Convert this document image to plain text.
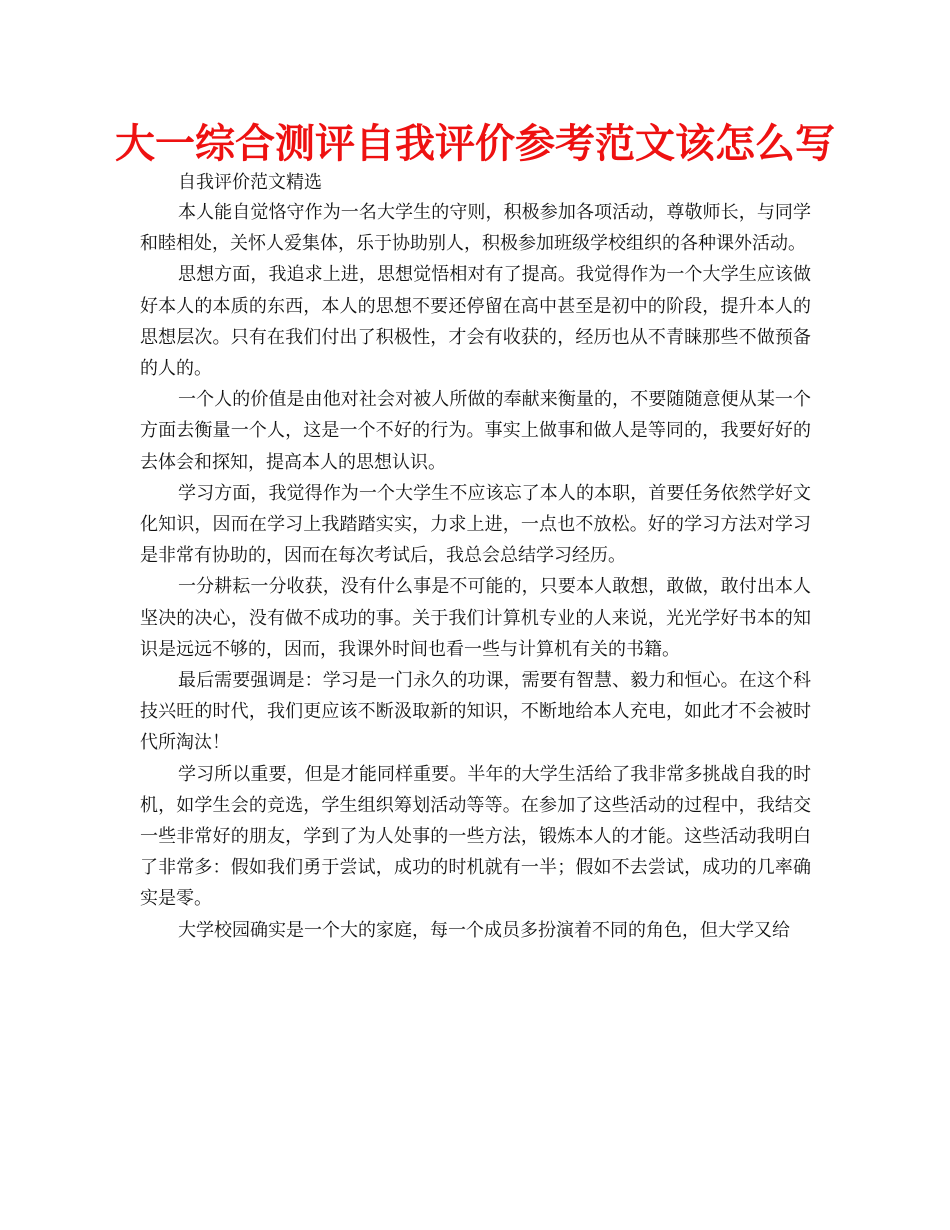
大一综合测评自我评价参考范文该怎么写
自我评价范文精选

本人能自觉恪守作为一名大学生的守则，积极参加各项活动，尊敬师长，与同学和睦相处，关怀人爱集体，乐于协助别人，积极参加班级学校组织的各种课外活动。

思想方面，我追求上进，思想觉悟相对有了提高。我觉得作为一个大学生应该做好本人的本质的东西，本人的思想不要还停留在高中甚至是初中的阶段，提升本人的思想层次。只有在我们付出了积极性，才会有收获的，经历也从不青睐那些不做预备的人的。

一个人的价值是由他对社会对被人所做的奉献来衡量的，不要随随意便从某一个方面去衡量一个人，这是一个不好的行为。事实上做事和做人是等同的，我要好好的去体会和探知，提高本人的思想认识。

学习方面，我觉得作为一个大学生不应该忘了本人的本职，首要任务依然学好文化知识，因而在学习上我踏踏实实，力求上进，一点也不放松。好的学习方法对学习是非常有协助的，因而在每次考试后，我总会总结学习经历。

一分耕耘一分收获，没有什么事是不可能的，只要本人敢想，敢做，敢付出本人坚决的决心，没有做不成功的事。关于我们计算机专业的人来说，光光学好书本的知识是远远不够的，因而，我课外时间也看一些与计算机有关的书籍。

最后需要强调是：学习是一门永久的功课，需要有智慧、毅力和恒心。在这个科技兴旺的时代，我们更应该不断汲取新的知识，不断地给本人充电，如此才不会被时代所淘汰！

学习所以重要，但是才能同样重要。半年的大学生活给了我非常多挑战自我的时机，如学生会的竞选，学生组织筹划活动等等。在参加了这些活动的过程中，我结交一些非常好的朋友，学到了为人处事的一些方法，锻炼本人的才能。这些活动我明白了非常多：假如我们勇于尝试，成功的时机就有一半；假如不去尝试，成功的几率确实是零。

大学校园确实是一个大的家庭，每一个成员多扮演着不同的角色，但大学又给
